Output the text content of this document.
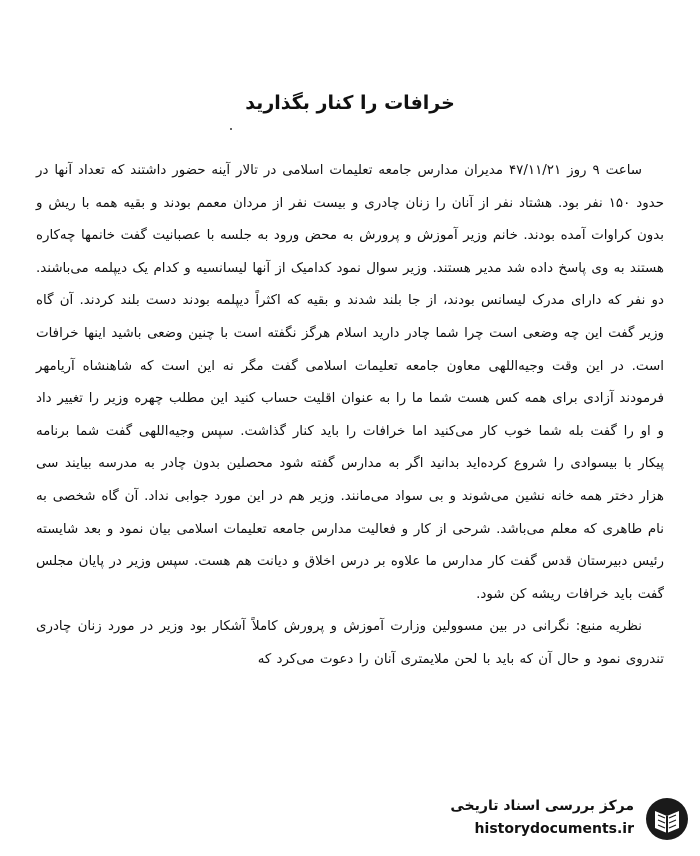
خرافات را کنار بگذارید

ساعت ۹ روز ۴۷/۱۱/۲۱ مدیران مدارس جامعه تعلیمات اسلامی در تالار آینه حضور داشتند که تعداد آنها در حدود ۱۵۰ نفر بود. هشتاد نفر از آنان را زنان چادری و بیست نفر از مردان معمم بودند و بقیه همه با ریش و بدون کراوات آمده بودند. خانم وزیر آموزش و پرورش به محض ورود به جلسه با عصبانیت گفت خانمها چه‌کاره هستند به وی پاسخ داده شد مدیر هستند. وزیر سوال نمود کدامیک از آنها لیسانسیه و کدام یک دیپلمه می‌باشند. دو نفر که دارای مدرک لیسانس بودند، از جا بلند شدند و بقیه که اکثراً دیپلمه بودند دست بلند کردند. آن گاه وزیر گفت این چه وضعی است چرا شما چادر دارید اسلام هرگز نگفته است با چنین وضعی باشید اینها خرافات است. در این وقت وجیه‌اللهی معاون جامعه تعلیمات اسلامی گفت مگر نه این است که شاهنشاه آریامهر فرمودند آزادی برای همه کس هست شما ما را به عنوان اقلیت حساب کنید این مطلب چهره وزیر را تغییر داد و او را گفت بله شما خوب کار می‌کنید اما خرافات را باید کنار گذاشت. سپس وجیه‌اللهی گفت شما برنامه پیکار با بیسوادی را شروع کرده‌اید بدانید اگر به مدارس گفته شود محصلین بدون چادر به مدرسه بیایند سی هزار دختر همه خانه نشین می‌شوند و بی سواد می‌مانند. وزیر هم در این مورد جوابی نداد. آن گاه شخصی به نام طاهری که معلم می‌باشد. شرحی از کار و فعالیت مدارس جامعه تعلیمات اسلامی بیان نمود و بعد شایسته رئیس دبیرستان قدس گفت کار مدارس ما علاوه بر درس اخلاق و دیانت هم هست. سپس وزیر در پایان مجلس گفت باید خرافات ریشه کن شود.

نظریه منبع: نگرانی در بین مسوولین وزارت آموزش و پرورش کاملاً آشکار بود وزیر در مورد زنان چادری تندروی نمود و حال آن که باید با لحن ملایمتری آنان را دعوت می‌کرد که

مرکز بررسی اسناد تاریخی
historydocuments.ir
